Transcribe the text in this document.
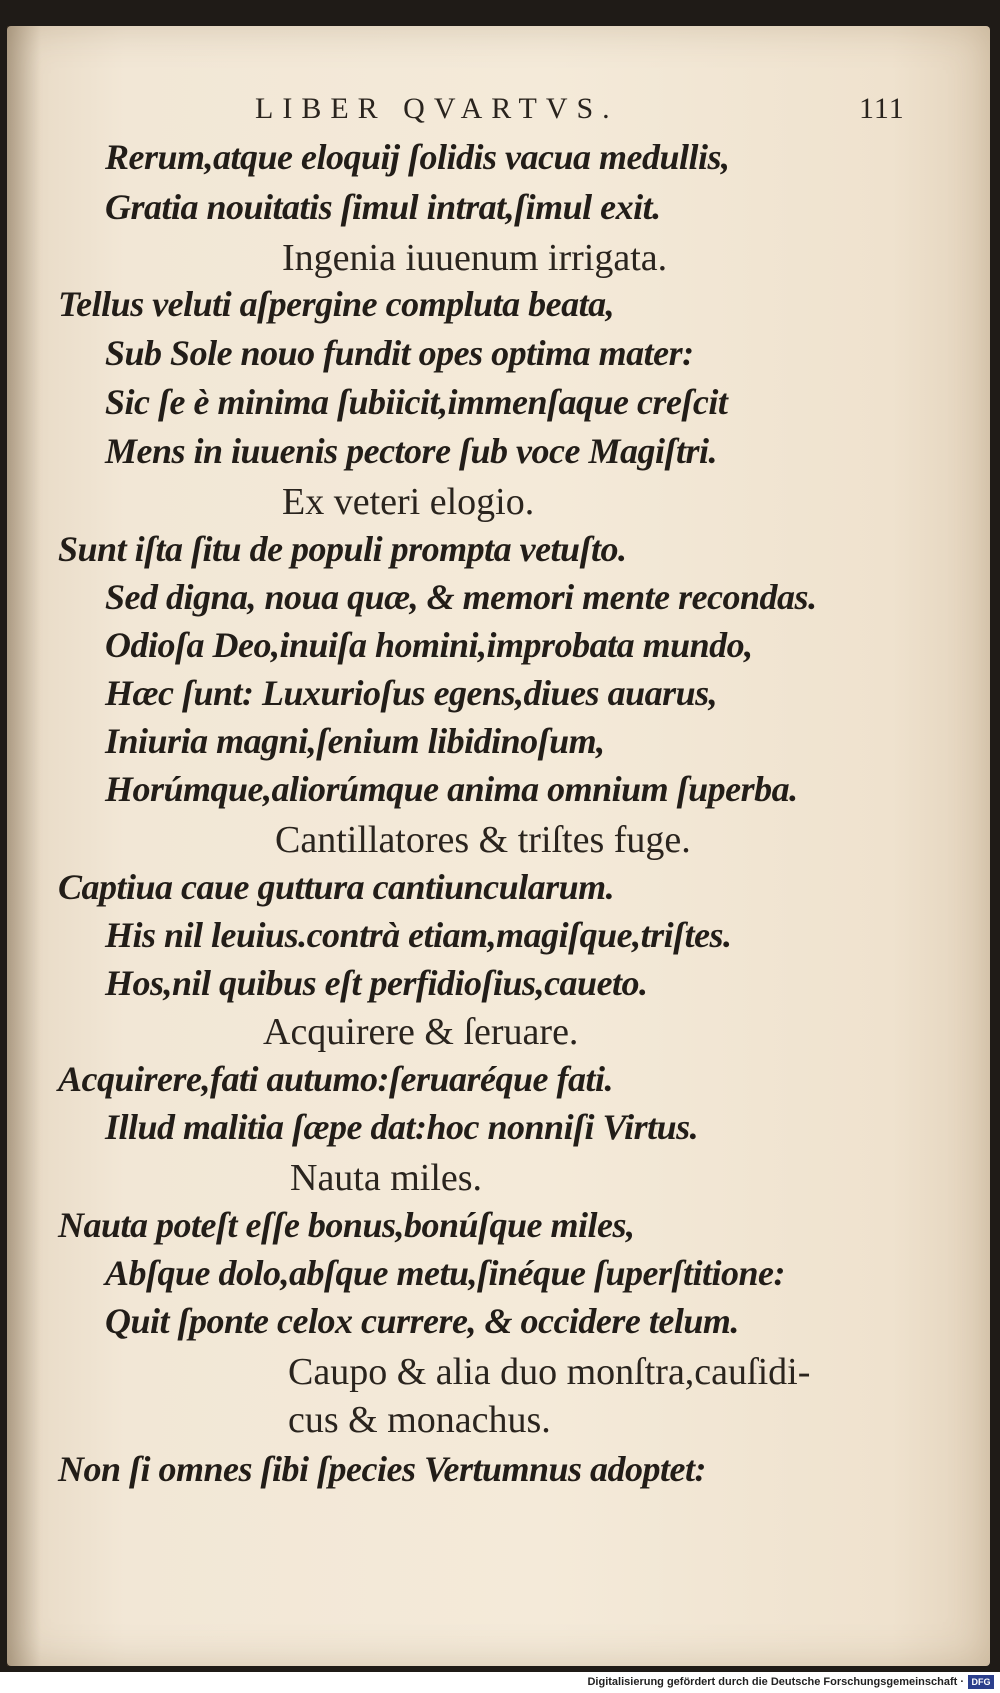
LIBER QVARTVS.	111
Rerum,atque eloquij ſolidis vacua medullis,
Gratia nouitatis ſimul intrat,ſimul exit.
Ingenia iuuenum irrigata.
Tellus veluti aſpergine compluta beata,
Sub Sole nouo fundit opes optima mater:
Sic ſe è minima ſubiicit,immenſaque creſcit
Mens in iuuenis pectore ſub voce Magiſtri.
Ex veteri elogio.
Sunt iſta ſitu de populi prompta vetuſto.
Sed digna, noua quæ, & memori mente recondas.
Odioſa Deo,inuiſa homini,improbata mundo,
Hæc ſunt: Luxurioſus egens,diues auarus,
Iniuria magni,ſenium libidinoſum,
Horúmque,aliorúmque anima omnium ſuperba.
Cantillatores & triſtes fuge.
Captiua caue guttura cantiuncularum.
His nil leuius.contrà etiam,magiſque,triſtes.
Hos,nil quibus eſt perfidioſius,caueto.
Acquirere & ſeruare.
Acquirere,fati autumo:ſeruaréque fati.
Illud malitia ſæpe dat:hoc nonniſi Virtus.
Nauta miles.
Nauta poteſt eſſe bonus,bonúſque miles,
Abſque dolo,abſque metu,ſinéque ſuperſtitione:
Quit ſponte celox currere, & occidere telum.
Caupo & alia duo monſtra,cauſidi-
cus & monachus.
Non ſi omnes ſibi ſpecies Vertumnus adoptet:
Digitalisierung gefördert durch die Deutsche Forschungsgemeinschaft · DFG
